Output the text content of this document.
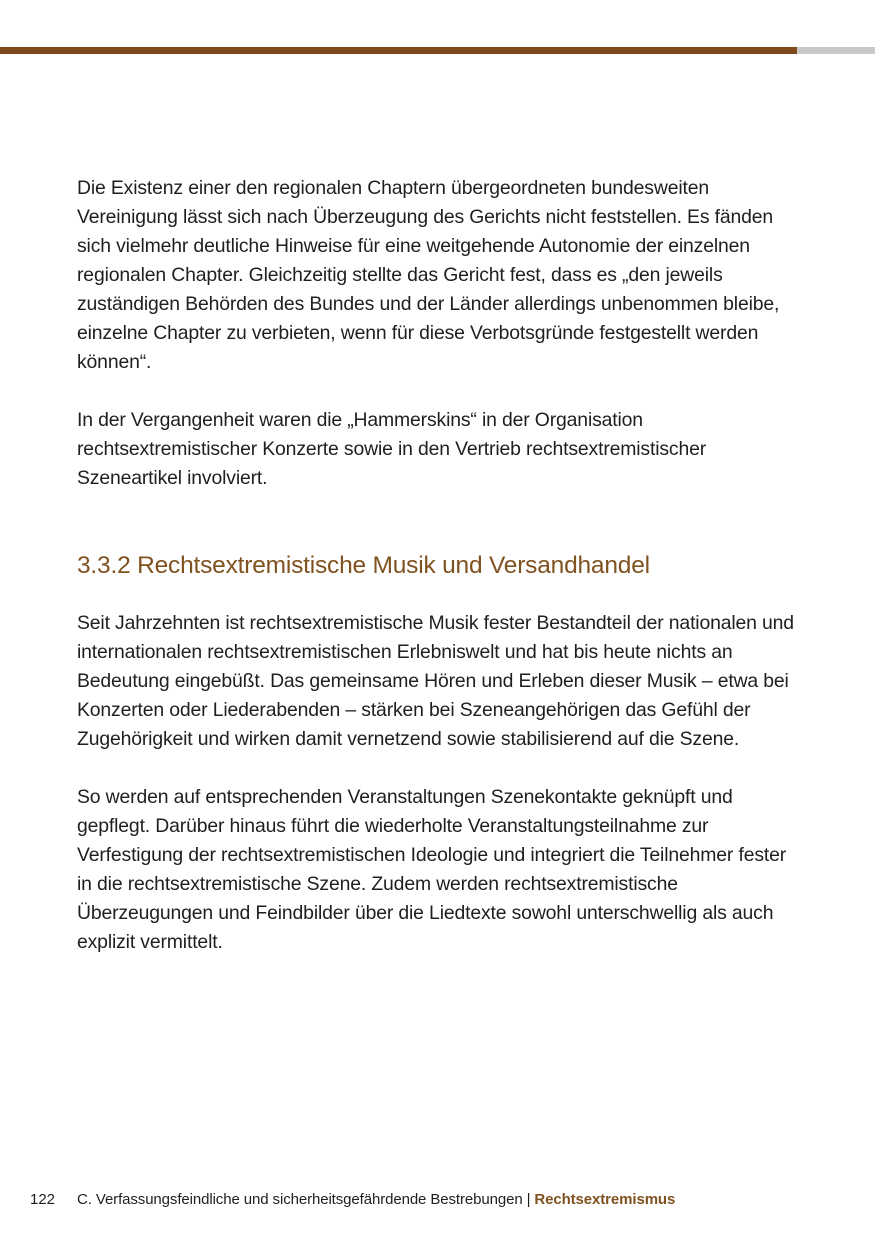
Die Existenz einer den regionalen Chaptern übergeordneten bundesweiten Vereinigung lässt sich nach Überzeugung des Gerichts nicht feststellen. Es fänden sich vielmehr deutliche Hinweise für eine weitgehende Autonomie der einzelnen regionalen Chapter. Gleichzeitig stellte das Gericht fest, dass es „den jeweils zuständigen Behörden des Bundes und der Länder allerdings unbenommen bleibe, einzelne Chapter zu verbieten, wenn für diese Verbotsgründe festgestellt werden können“.

In der Vergangenheit waren die „Hammerskins“ in der Organisation rechtsextremistischer Konzerte sowie in den Vertrieb rechtsextremistischer Szeneartikel involviert.

3.3.2 Rechtsextremistische Musik und Versandhandel

Seit Jahrzehnten ist rechtsextremistische Musik fester Bestandteil der nationalen und internationalen rechtsextremistischen Erlebniswelt und hat bis heute nichts an Bedeutung eingebüßt. Das gemeinsame Hören und Erleben dieser Musik – etwa bei Konzerten oder Liederabenden – stärken bei Szeneangehörigen das Gefühl der Zugehörigkeit und wirken damit vernetzend sowie stabilisierend auf die Szene.

So werden auf entsprechenden Veranstaltungen Szenekontakte geknüpft und gepflegt. Darüber hinaus führt die wiederholte Veranstaltungsteilnahme zur Verfestigung der rechtsextremistischen Ideologie und integriert die Teilnehmer fester in die rechtsextremistische Szene. Zudem werden rechtsextremistische Überzeugungen und Feindbilder über die Liedtexte sowohl unterschwellig als auch explizit vermittelt.

122 C. Verfassungsfeindliche und sicherheitsgefährdende Bestrebungen | Rechtsextremismus
